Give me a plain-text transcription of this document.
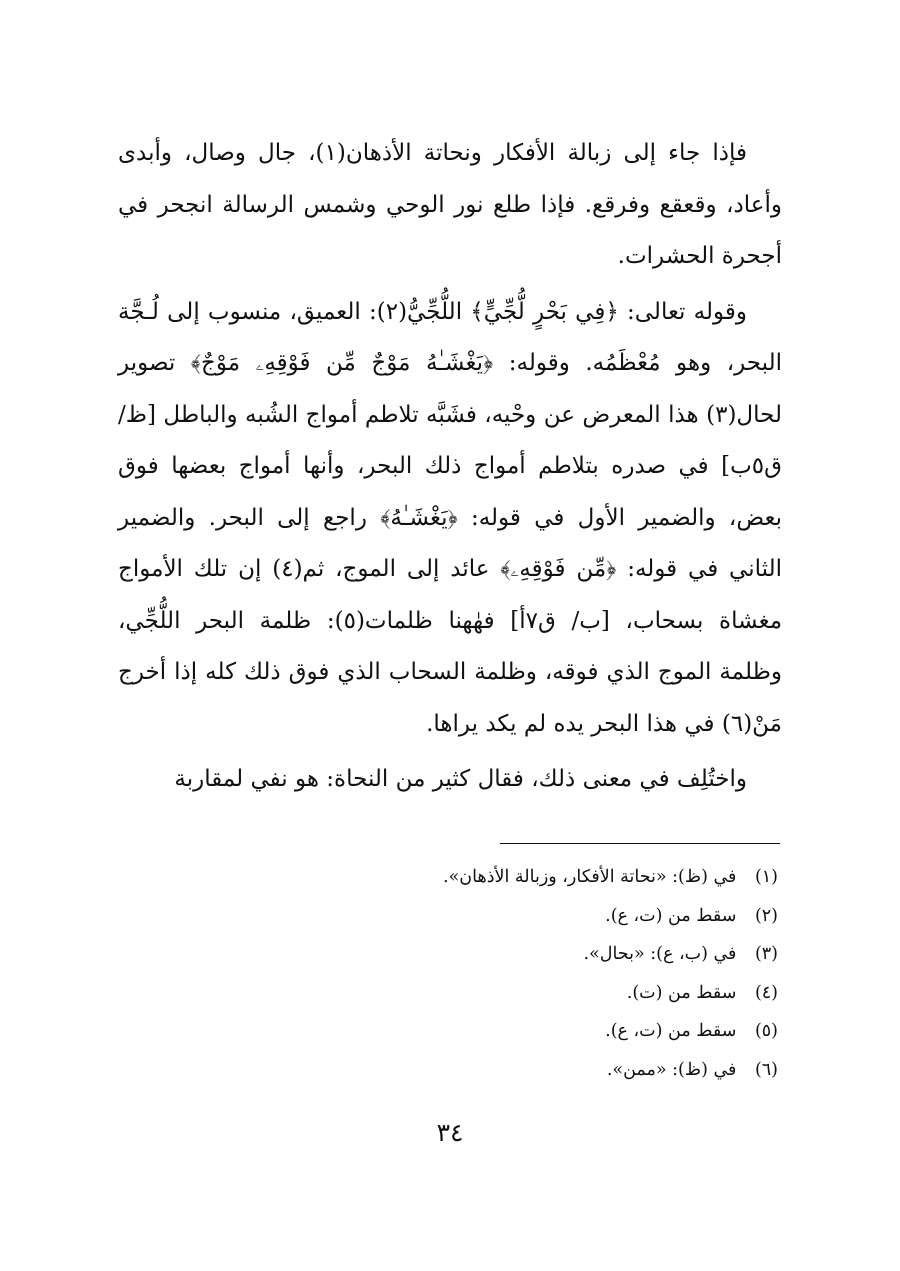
فإذا جاء إلى زبالة الأفكار ونحاتة الأذهان(١)، جال وصال، وأبدى وأعاد، وقعقع وفرقع. فإذا طلع نور الوحي وشمس الرسالة انجحر في أجحرة الحشرات.

وقوله تعالى: ﴿فِي بَحْرٍ لُّجِّيٍّ﴾ اللُّجِّيُّ(٢): العميق، منسوب إلى لُـجَّة البحر، وهو مُعْظَمُه. وقوله: ﴿يَغْشَـٰهُ مَوْجٌ مِّن فَوْقِهِۦ مَوْجٌ﴾ تصوير لحال(٣) هذا المعرض عن وحْيه، فشَبَّه تلاطم أمواج الشُبه والباطل [ظ/ق٥ب] في صدره بتلاطم أمواج ذلك البحر، وأنها أمواج بعضها فوق بعض، والضمير الأول في قوله: ﴿يَغْشَـٰهُ﴾ راجع إلى البحر. والضمير الثاني في قوله: ﴿مِّن فَوْقِهِۦ﴾ عائد إلى الموج، ثم(٤) إن تلك الأمواج مغشاة بسحاب، [ب/ ق٧أ] فهٰهنا ظلمات(٥): ظلمة البحر اللُّجِّي، وظلمة الموج الذي فوقه، وظلمة السحاب الذي فوق ذلك كله إذا أخرج مَنْ(٦) في هذا البحر يده لم يكد يراها.

واختُلِف في معنى ذلك، فقال كثير من النحاة: هو نفي لمقاربة

(١) في (ظ): «نحاتة الأفكار، وزبالة الأذهان».
(٢) سقط من (ت، ع).
(٣) في (ب، ع): «بحال».
(٤) سقط من (ت).
(٥) سقط من (ت، ع).
(٦) في (ظ): «ممن».
٣٤
